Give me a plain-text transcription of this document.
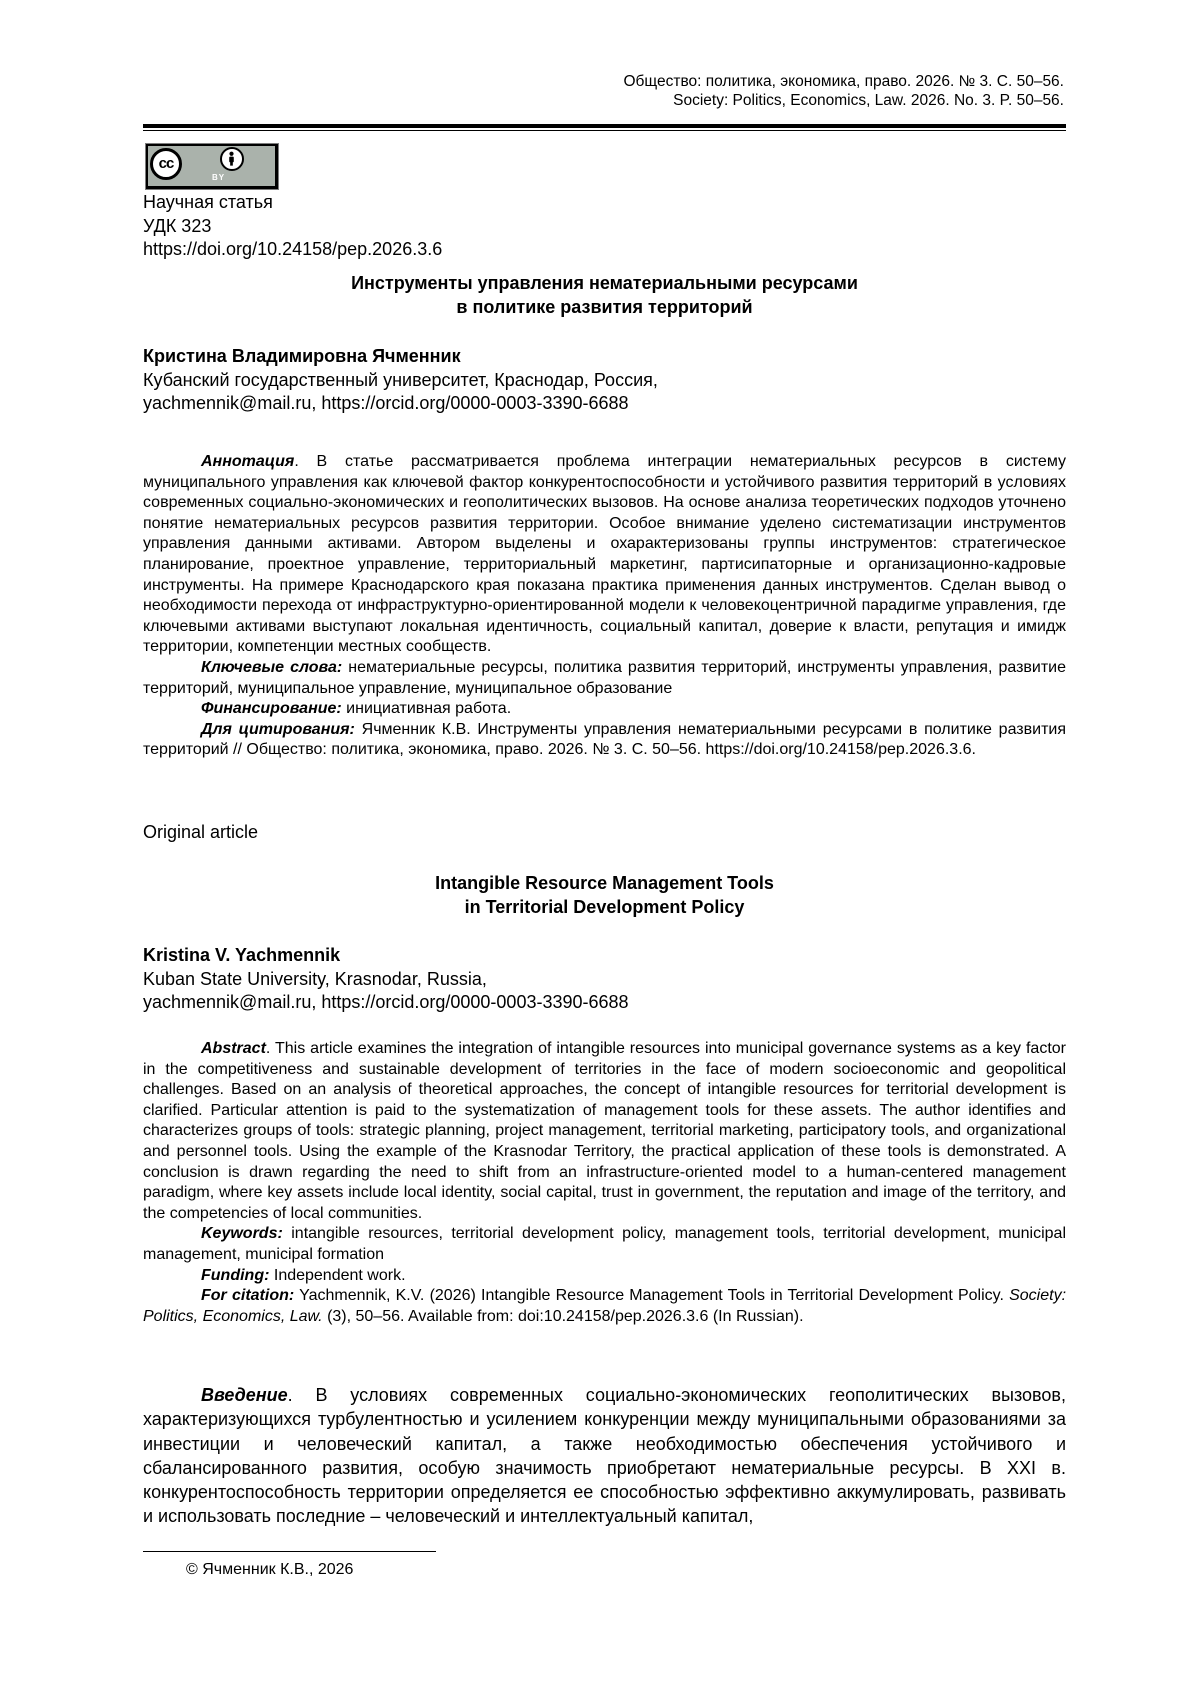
Общество: политика, экономика, право. 2026. № 3. С. 50–56.
Society: Politics, Economics, Law. 2026. No. 3. P. 50–56.
cc
BY
Научная статья
УДК 323
https://doi.org/10.24158/pep.2026.3.6
Инструменты управления нематериальными ресурсами
в политике развития территорий
Кристина Владимировна Ячменник
Кубанский государственный университет, Краснодар, Россия,
yachmennik@mail.ru, https://orcid.org/0000-0003-3390-6688

Аннотация. В статье рассматривается проблема интеграции нематериальных ресурсов в систему муниципального управления как ключевой фактор конкурентоспособности и устойчивого развития территорий в условиях современных социально-экономических и геополитических вызовов. На основе анализа теоретических подходов уточнено понятие нематериальных ресурсов развития территории. Особое внимание уделено систематизации инструментов управления данными активами. Автором выделены и охарактеризованы группы инструментов: стратегическое планирование, проектное управление, территориальный маркетинг, партисипаторные и организационно-кадровые инструменты. На примере Краснодарского края показана практика применения данных инструментов. Сделан вывод о необходимости перехода от инфраструктурно-ориентированной модели к человекоцентричной парадигме управления, где ключевыми активами выступают локальная идентичность, социальный капитал, доверие к власти, репутация и имидж территории, компетенции местных сообществ.

Ключевые слова: нематериальные ресурсы, политика развития территорий, инструменты управления, развитие территорий, муниципальное управление, муниципальное образование

Финансирование: инициативная работа.

Для цитирования: Ячменник К.В. Инструменты управления нематериальными ресурсами в политике развития территорий // Общество: политика, экономика, право. 2026. № 3. С. 50–56. https://doi.org/10.24158/pep.2026.3.6.

Original article
Intangible Resource Management Tools
in Territorial Development Policy
Kristina V. Yachmennik
Kuban State University, Krasnodar, Russia,
yachmennik@mail.ru, https://orcid.org/0000-0003-3390-6688

Abstract. This article examines the integration of intangible resources into municipal governance systems as a key factor in the competitiveness and sustainable development of territories in the face of modern socioeconomic and geopolitical challenges. Based on an analysis of theoretical approaches, the concept of intangible resources for territorial development is clarified. Particular attention is paid to the systematization of management tools for these assets. The author identifies and characterizes groups of tools: strategic planning, project management, territorial marketing, participatory tools, and organizational and personnel tools. Using the example of the Krasnodar Territory, the practical application of these tools is demonstrated. A conclusion is drawn regarding the need to shift from an infrastructure-oriented model to a human-centered management paradigm, where key assets include local identity, social capital, trust in government, the reputation and image of the territory, and the competencies of local communities.

Keywords: intangible resources, territorial development policy, management tools, territorial development, municipal management, municipal formation

Funding: Independent work.

For citation: Yachmennik, K.V. (2026) Intangible Resource Management Tools in Territorial Development Policy. Society: Politics, Economics, Law. (3), 50–56. Available from: doi:10.24158/pep.2026.3.6 (In Russian).

Введение. В условиях современных социально-экономических геополитических вызовов, характеризующихся турбулентностью и усилением конкуренции между муниципальными образованиями за инвестиции и человеческий капитал, а также необходимостью обеспечения устойчивого и сбалансированного развития, особую значимость приобретают нематериальные ресурсы. В XXI в. конкурентоспособность территории определяется ее способностью эффективно аккумулировать, развивать и использовать последние – человеческий и интеллектуальный капитал,

© Ячменник К.В., 2026
